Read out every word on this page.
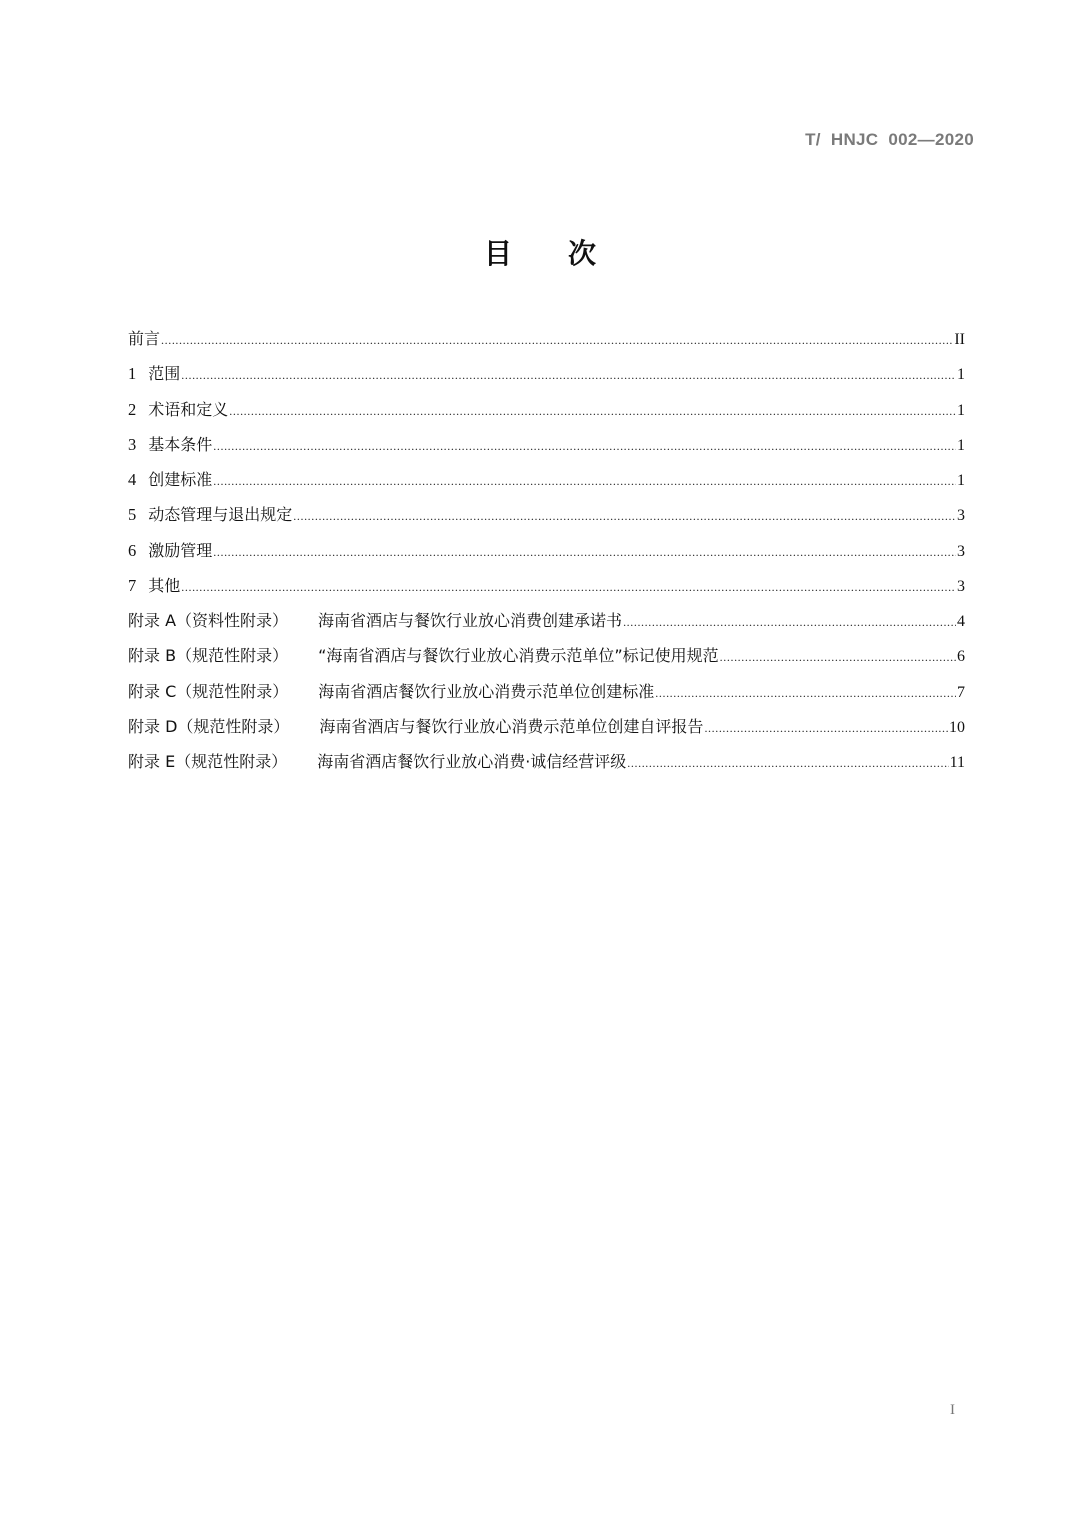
T/  HNJC  002—2020
目 次
前言 .....	II
1 范围 .....	1
2 术语和定义 .....	1
3 基本条件 .....	1
4 创建标准 .....	1
5 动态管理与退出规定 .....	3
6 激励管理 .....	3
7 其他 .....	3
附录 A（资料性附录） 海南省酒店与餐饮行业放心消费创建承诺书 .....	4
附录 B（规范性附录） “海南省酒店与餐饮行业放心消费示范单位”标记使用规范 .....	6
附录 C（规范性附录） 海南省酒店餐饮行业放心消费示范单位创建标准 .....	7
附录 D（规范性附录） 海南省酒店与餐饮行业放心消费示范单位创建自评报告 .....	10
附录 E（规范性附录） 海南省酒店餐饮行业放心消费·诚信经营评级 .....	11
I
